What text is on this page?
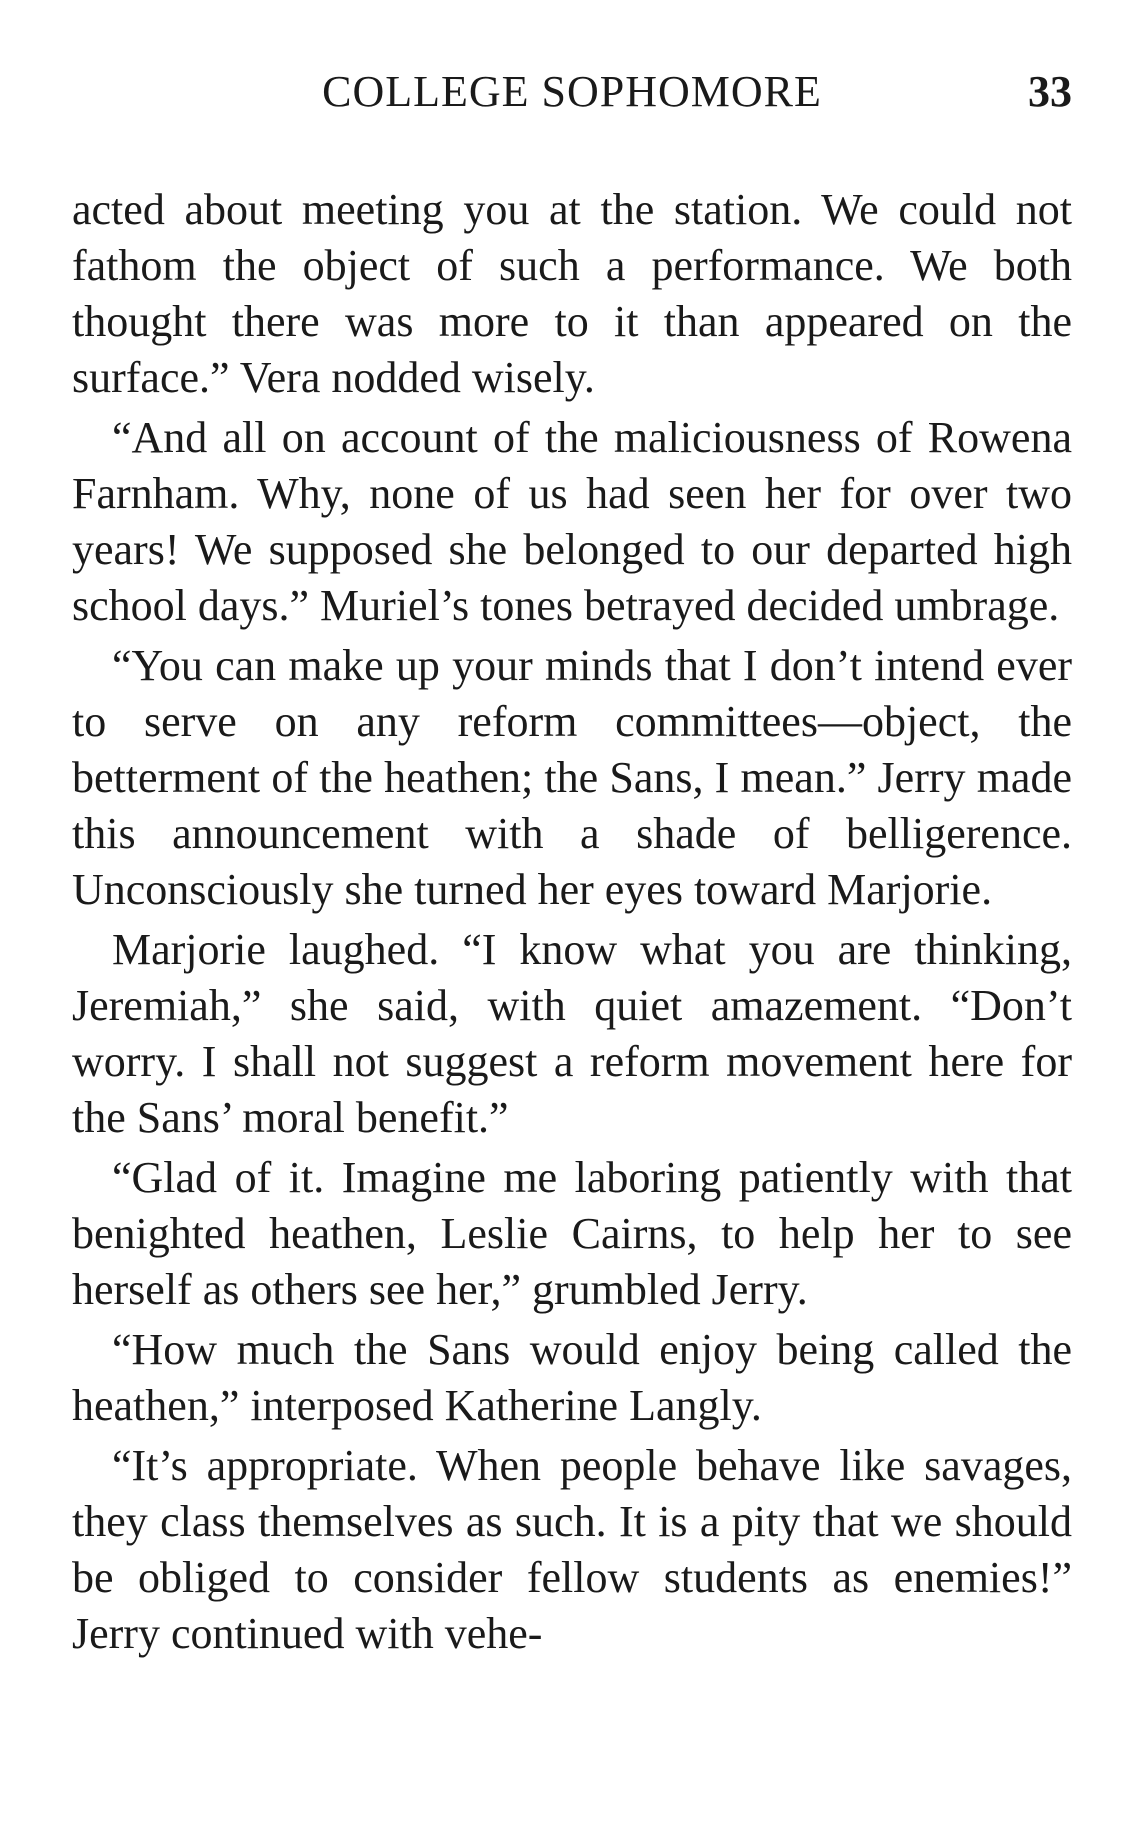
COLLEGE SOPHOMORE	33

acted about meeting you at the station. We could not fathom the object of such a performance. We both thought there was more to it than appeared on the surface.” Vera nodded wisely.

“And all on account of the maliciousness of Rowena Farnham. Why, none of us had seen her for over two years! We supposed she belonged to our departed high school days.” Muriel’s tones betrayed decided umbrage.

“You can make up your minds that I don’t intend ever to serve on any reform committees—object, the betterment of the heathen; the Sans, I mean.” Jerry made this announcement with a shade of belligerence. Unconsciously she turned her eyes toward Marjorie.

Marjorie laughed. “I know what you are thinking, Jeremiah,” she said, with quiet amazement. “Don’t worry. I shall not suggest a reform movement here for the Sans’ moral benefit.”

“Glad of it. Imagine me laboring patiently with that benighted heathen, Leslie Cairns, to help her to see herself as others see her,” grumbled Jerry.

“How much the Sans would enjoy being called the heathen,” interposed Katherine Langly.

“It’s appropriate. When people behave like savages, they class themselves as such. It is a pity that we should be obliged to consider fellow students as enemies!” Jerry continued with vehe-
